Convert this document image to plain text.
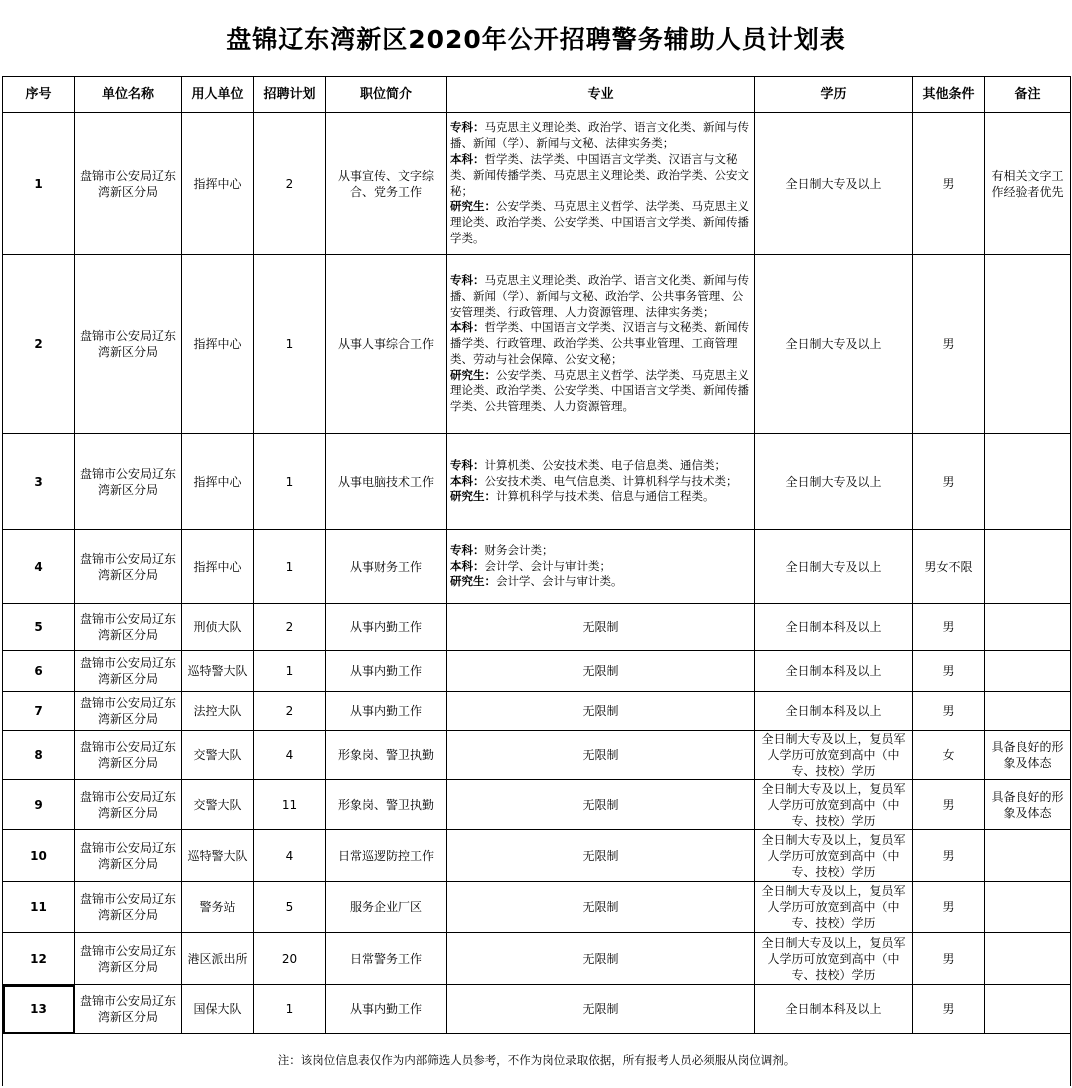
盘锦辽东湾新区2020年公开招聘警务辅助人员计划表
序号	单位名称	用人单位	招聘计划	职位简介	专业	学历	其他条件	备注
1	盘锦市公安局辽东湾新区分局	指挥中心	2	从事宣传、文字综合、党务工作	专科：马克思主义理论类、政治学、语言文化类、新闻与传播、新闻（学）、新闻与文秘、法律实务类；
本科：哲学类、法学类、中国语言文学类、汉语言与文秘类、新闻传播学类、马克思主义理论类、政治学类、公安文秘；
研究生：公安学类、马克思主义哲学、法学类、马克思主义理论类、政治学类、公安学类、中国语言文学类、新闻传播学类。	全日制大专及以上	男	有相关文字工作经验者优先
2	盘锦市公安局辽东湾新区分局	指挥中心	1	从事人事综合工作	专科：马克思主义理论类、政治学、语言文化类、新闻与传播、新闻（学）、新闻与文秘、政治学、公共事务管理、公安管理类、行政管理、人力资源管理、法律实务类；
本科：哲学类、中国语言文学类、汉语言与文秘类、新闻传播学类、行政管理、政治学类、公共事业管理、工商管理类、劳动与社会保障、公安文秘；
研究生：公安学类、马克思主义哲学、法学类、马克思主义理论类、政治学类、公安学类、中国语言文学类、新闻传播学类、公共管理类、人力资源管理。	全日制大专及以上	男	
3	盘锦市公安局辽东湾新区分局	指挥中心	1	从事电脑技术工作	专科：计算机类、公安技术类、电子信息类、通信类；
本科：公安技术类、电气信息类、计算机科学与技术类；
研究生：计算机科学与技术类、信息与通信工程类。	全日制大专及以上	男	
4	盘锦市公安局辽东湾新区分局	指挥中心	1	从事财务工作	专科：财务会计类；
本科：会计学、会计与审计类；
研究生：会计学、会计与审计类。	全日制大专及以上	男女不限	
5	盘锦市公安局辽东湾新区分局	刑侦大队	2	从事内勤工作	无限制	全日制本科及以上	男	
6	盘锦市公安局辽东湾新区分局	巡特警大队	1	从事内勤工作	无限制	全日制本科及以上	男	
7	盘锦市公安局辽东湾新区分局	法控大队	2	从事内勤工作	无限制	全日制本科及以上	男	
8	盘锦市公安局辽东湾新区分局	交警大队	4	形象岗、警卫执勤	无限制	全日制大专及以上，复员军人学历可放宽到高中（中专、技校）学历	女	具备良好的形象及体态
9	盘锦市公安局辽东湾新区分局	交警大队	11	形象岗、警卫执勤	无限制	全日制大专及以上，复员军人学历可放宽到高中（中专、技校）学历	男	具备良好的形象及体态
10	盘锦市公安局辽东湾新区分局	巡特警大队	4	日常巡逻防控工作	无限制	全日制大专及以上，复员军人学历可放宽到高中（中专、技校）学历	男	
11	盘锦市公安局辽东湾新区分局	警务站	5	服务企业厂区	无限制	全日制大专及以上，复员军人学历可放宽到高中（中专、技校）学历	男	
12	盘锦市公安局辽东湾新区分局	港区派出所	20	日常警务工作	无限制	全日制大专及以上，复员军人学历可放宽到高中（中专、技校）学历	男	
13	盘锦市公安局辽东湾新区分局	国保大队	1	从事内勤工作	无限制	全日制本科及以上	男	
注：该岗位信息表仅作为内部筛选人员参考，不作为岗位录取依据，所有报考人员必须服从岗位调剂。								
